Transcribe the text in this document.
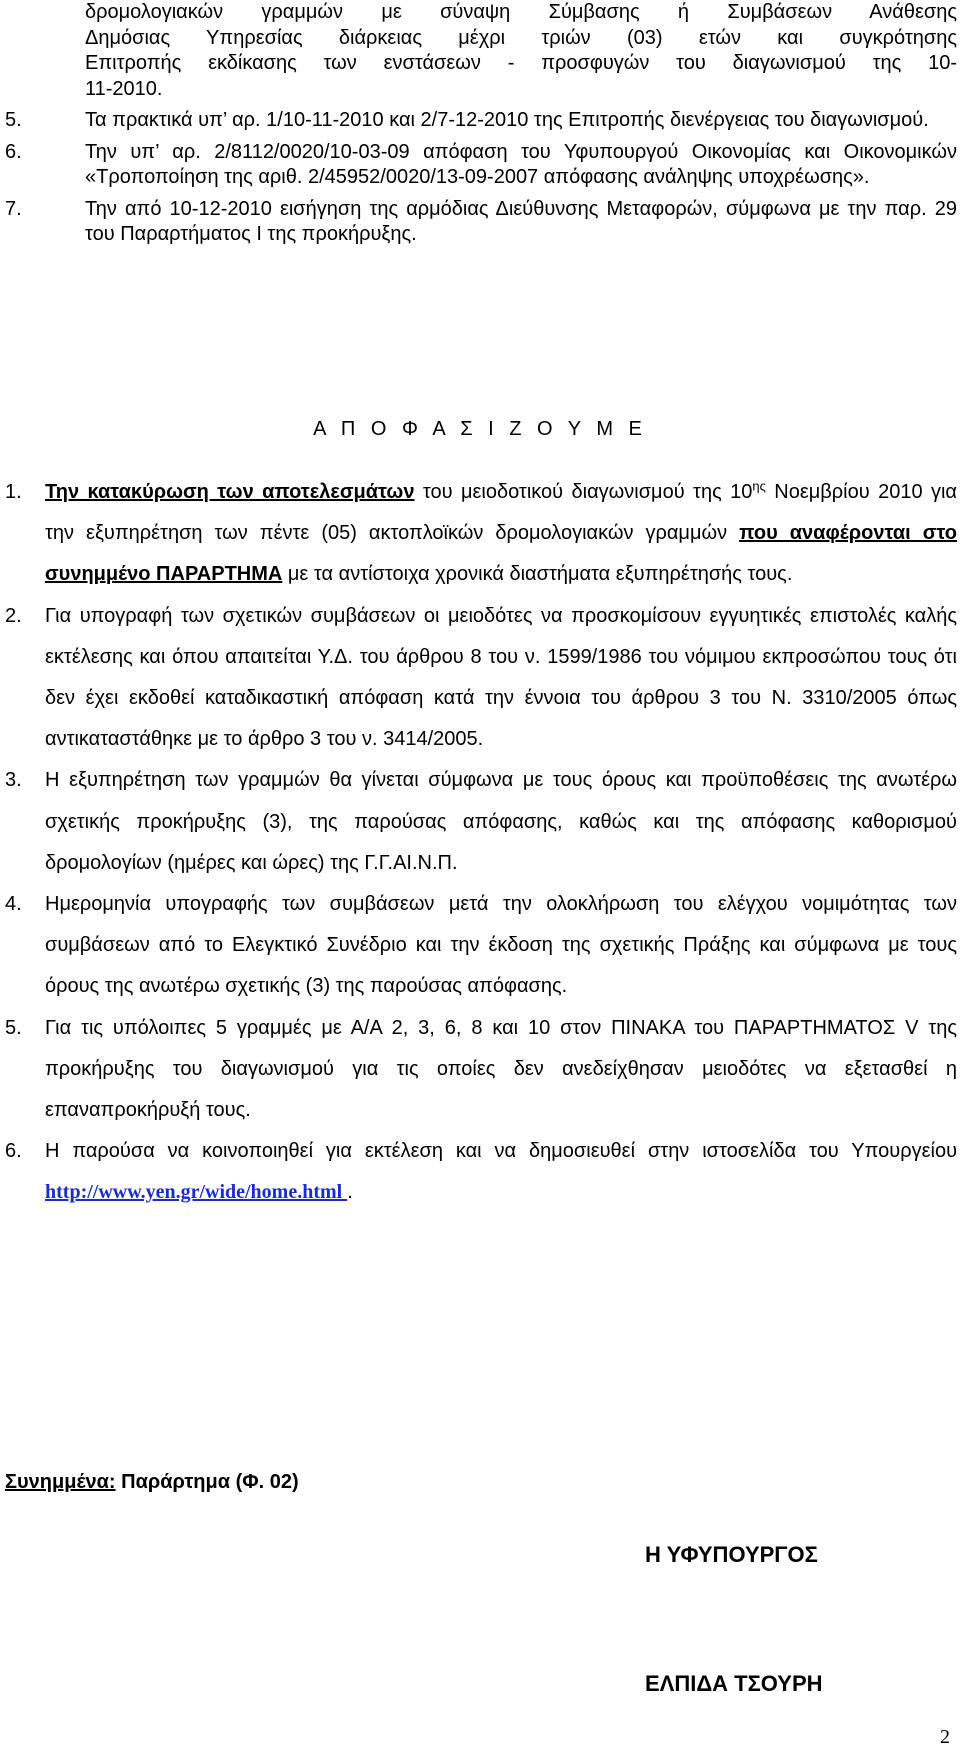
δρομολογιακών γραμμών με σύναψη Σύμβασης ή Συμβάσεων Ανάθεσης
Δημόσιας Υπηρεσίας διάρκειας μέχρι τριών (03) ετών και συγκρότησης
Επιτροπής εκδίκασης των ενστάσεων - προσφυγών του διαγωνισμού της 10-
11-2010.
5.	Τα πρακτικά υπ’ αρ. 1/10-11-2010 και 2/7-12-2010 της Επιτροπής διενέργειας του διαγωνισμού.
6.	Την υπ’ αρ. 2/8112/0020/10-03-09 απόφαση του Υφυπουργού Οικονομίας και Οικονομικών «Τροποποίηση της αριθ. 2/45952/0020/13-09-2007 απόφασης ανάληψης υποχρέωσης».
7.	Την από 10-12-2010 εισήγηση της αρμόδιας Διεύθυνσης Μεταφορών, σύμφωνα με την παρ. 29 του Παραρτήματος Ι της προκήρυξης.
Α Π Ο Φ Α Σ Ι Ζ Ο Υ Μ Ε
1.	Την κατακύρωση των αποτελεσμάτων του μειοδοτικού διαγωνισμού της $10^{\eta\varsigma}$ Νοεμβρίου 2010 για την εξυπηρέτηση των πέντε (05) ακτοπλοϊκών δρομολογιακών γραμμών που αναφέρονται στο συνημμένο ΠΑΡΑΡΤΗΜΑ με τα αντίστοιχα χρονικά διαστήματα εξυπηρέτησής τους.
2.	Για υπογραφή των σχετικών συμβάσεων οι μειοδότες να προσκομίσουν εγγυητικές επιστολές καλής εκτέλεσης και όπου απαιτείται Υ.Δ. του άρθρου 8 του ν. 1599/1986 του νόμιμου εκπροσώπου τους ότι δεν έχει εκδοθεί καταδικαστική απόφαση κατά την έννοια του άρθρου 3 του Ν. 3310/2005 όπως αντικαταστάθηκε με το άρθρο 3 του ν. 3414/2005.
3.	Η εξυπηρέτηση των γραμμών θα γίνεται σύμφωνα με τους όρους και προϋποθέσεις της ανωτέρω σχετικής προκήρυξης (3), της παρούσας απόφασης, καθώς και της απόφασης καθορισμού δρομολογίων (ημέρες και ώρες) της Γ.Γ.ΑΙ.Ν.Π.
4.	Ημερομηνία υπογραφής των συμβάσεων μετά την ολοκλήρωση του ελέγχου νομιμότητας των συμβάσεων από το Ελεγκτικό Συνέδριο και την έκδοση της σχετικής Πράξης και σύμφωνα με τους όρους της ανωτέρω σχετικής (3) της παρούσας απόφασης.
5.	Για τις υπόλοιπες 5 γραμμές με Α/Α 2, 3, 6, 8 και 10 στον ΠΙΝΑΚΑ του ΠΑΡΑΡΤΗΜΑΤΟΣ V της προκήρυξης του διαγωνισμού για τις οποίες δεν ανεδείχθησαν μειοδότες να εξετασθεί η επαναπροκήρυξή τους.
6.	Η παρούσα να κοινοποιηθεί για εκτέλεση και να δημοσιευθεί στην ιστοσελίδα του Υπουργείου http://www.yen.gr/wide/home.html .
Συνημμένα: Παράρτημα (Φ. 02)
Η ΥΦΥΠΟΥΡΓΟΣ
ΕΛΠΙΔΑ ΤΣΟΥΡΗ
2
